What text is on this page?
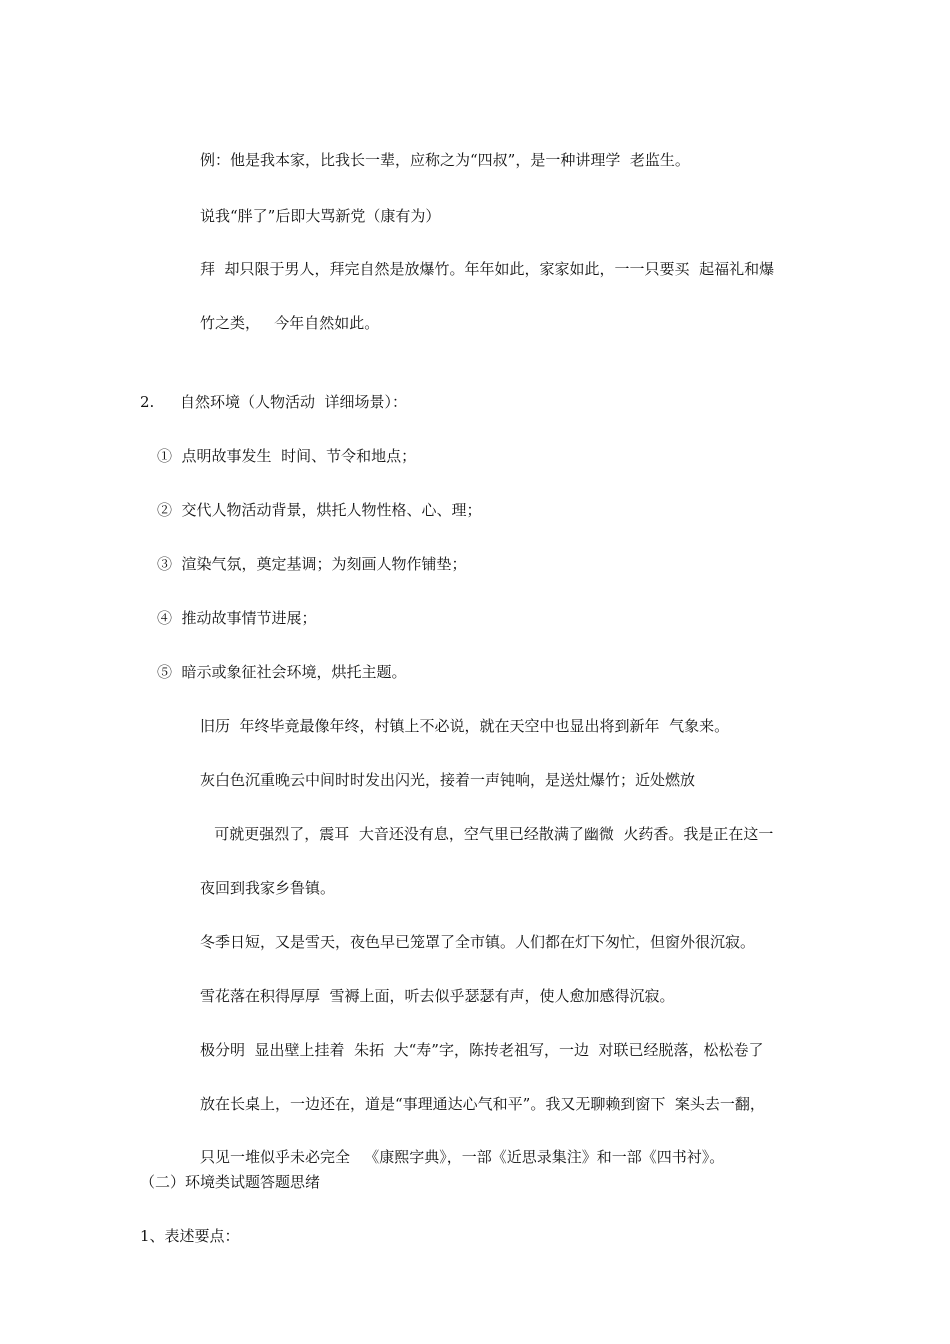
例：他是我本家，比我长一辈，应称之为“四叔”，是一种讲理学  老监生。
说我“胖了”后即大骂新党（康有为）
拜  却只限于男人，拜完自然是放爆竹。年年如此，家家如此，一一只要买  起福礼和爆
竹之类，   今年自然如此。
2. 自然环境（人物活动  详细场景）：
①  点明故事发生  时间、节令和地点；
②  交代人物活动背景，烘托人物性格、心、理；
③  渲染气氛，奠定基调；为刻画人物作铺垫；
④  推动故事情节进展；
⑤  暗示或象征社会环境，烘托主题。
旧历  年终毕竟最像年终，村镇上不必说，就在天空中也显出将到新年  气象来。
灰白色沉重晚云中间时时发出闪光，接着一声钝响，是送灶爆竹；近处燃放
可就更强烈了，震耳  大音还没有息，空气里已经散满了幽微  火药香。我是正在这一
夜回到我家乡鲁镇。
冬季日短，又是雪天，夜色早已笼罩了全市镇。人们都在灯下匆忙，但窗外很沉寂。
雪花落在积得厚厚  雪褥上面，听去似乎瑟瑟有声，使人愈加感得沉寂。
极分明  显出壁上挂着  朱拓  大“寿”字，陈抟老祖写，一边  对联已经脱落，松松卷了
放在长桌上，一边还在，道是“事理通达心气和平”。我又无聊赖到窗下  案头去一翻，
只见一堆似乎未必完全   《康熙字典》，一部《近思录集注》和一部《四书衬》。
（二）环境类试题答题思绪
1、表述要点：
